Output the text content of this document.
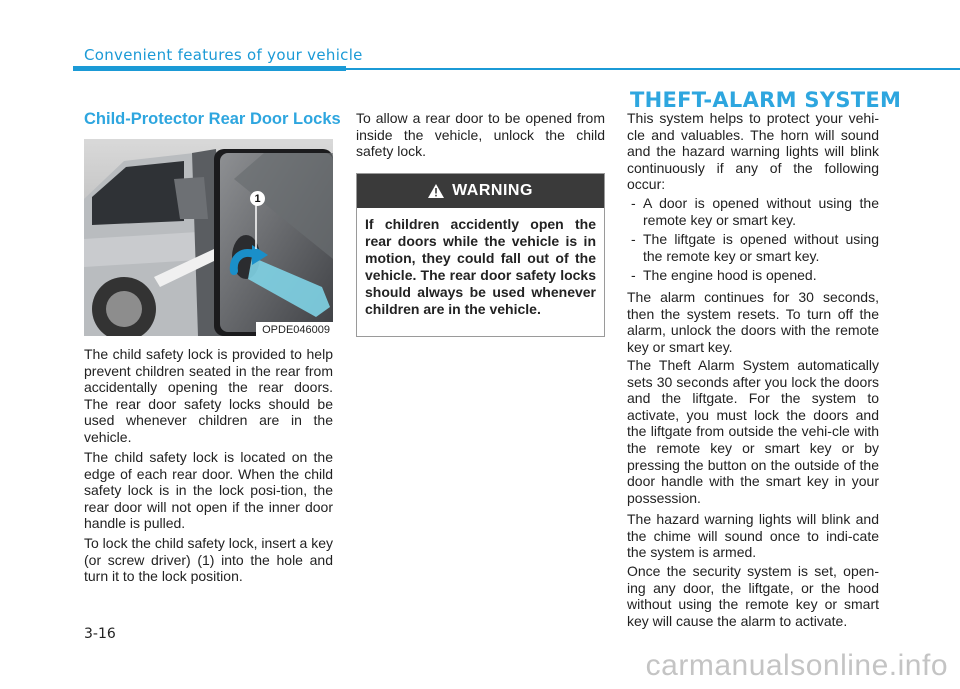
Convenient features of your vehicle
Child-Protector Rear Door Locks
1
OPDE046009

The child safety lock is provided to help prevent children seated in the rear from accidentally opening the rear doors. The rear door safety locks should be used whenever children are in the vehicle.

The child safety lock is located on the edge of each rear door. When the child safety lock is in the lock posi-tion, the rear door will not open if the inner door handle is pulled.

To lock the child safety lock, insert a key (or screw driver) (1) into the hole and turn it to the lock position.

To allow a rear door to be opened from inside the vehicle, unlock the child safety lock.

WARNING

If children accidently open the rear doors while the vehicle is in motion, they could fall out of the vehicle. The rear door safety locks should always be used whenever children are in the vehicle.

THEFT-ALARM SYSTEM

This system helps to protect your vehi-cle and valuables. The horn will sound and the hazard warning lights will blink continuously if any of the following occur:

- A door is opened without using the remote key or smart key.
- The liftgate is opened without using the remote key or smart key.
- The engine hood is opened.

The alarm continues for 30 seconds, then the system resets. To turn off the alarm, unlock the doors with the remote key or smart key.

The Theft Alarm System automatically sets 30 seconds after you lock the doors and the liftgate. For the system to activate, you must lock the doors and the liftgate from outside the vehi-cle with the remote key or smart key or by pressing the button on the outside of the door handle with the smart key in your possession.

The hazard warning lights will blink and the chime will sound once to indi-cate the system is armed.

Once the security system is set, open-ing any door, the liftgate, or the hood without using the remote key or smart key will cause the alarm to activate.

3-16
carmanualsonline.info
